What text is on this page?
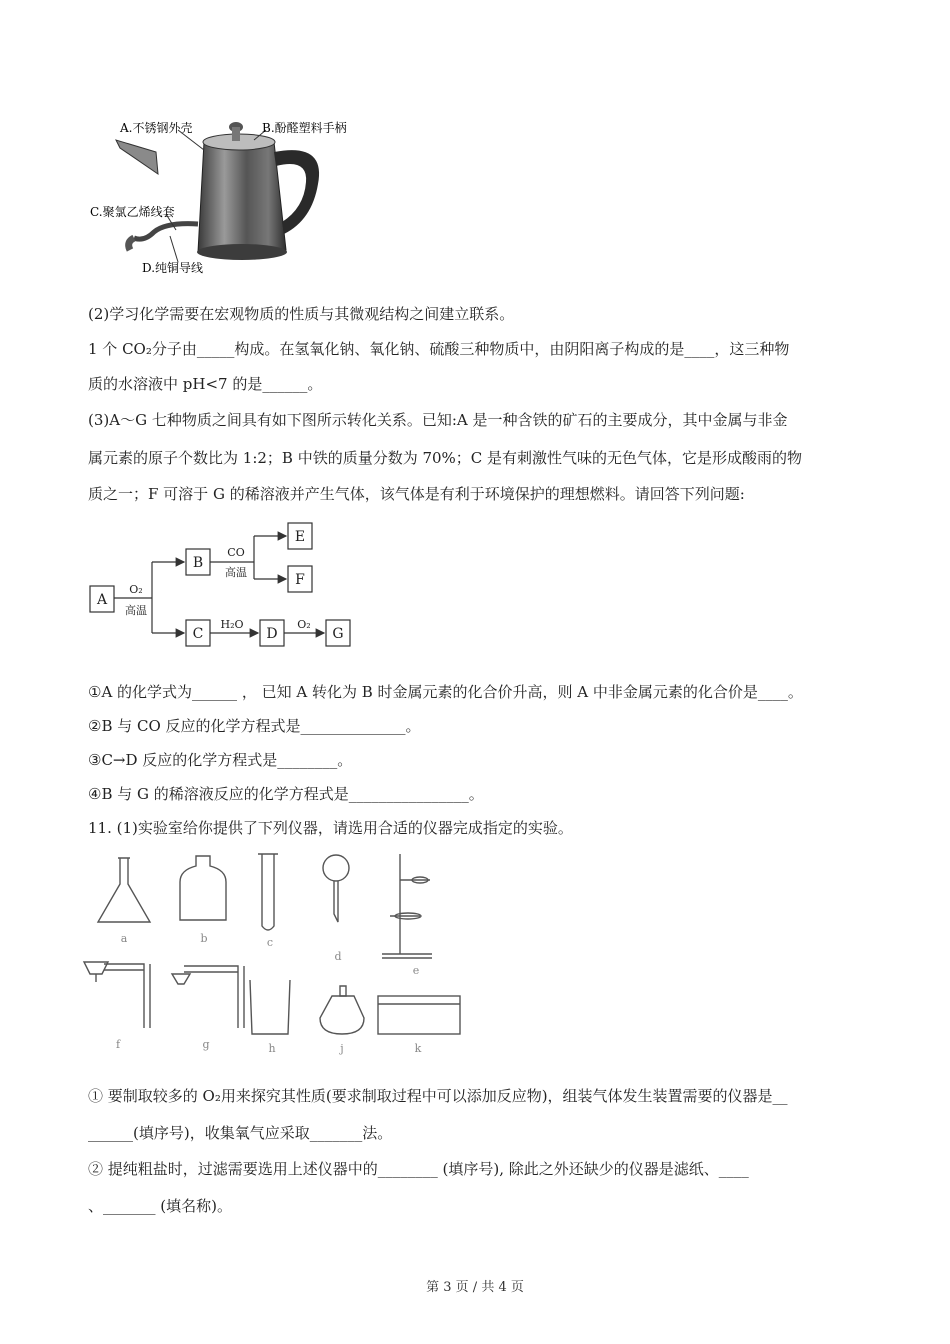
A.不锈钢外壳	B.酚醛塑料手柄
C.聚氯乙烯线套
D.纯铜导线
(2)学习化学需要在宏观物质的性质与其微观结构之间建立联系。
1 个 CO₂分子由_____构成。在氢氧化钠、氧化钠、硫酸三种物质中，由阴阳离子构成的是____，这三种物
质的水溶液中 pH<7 的是______。
(3)A～G 七种物质之间具有如下图所示转化关系。已知:A 是一种含铁的矿石的主要成分，其中金属与非金
属元素的原子个数比为 1:2；B 中铁的质量分数为 70%；C 是有刺激性气味的无色气体，它是形成酸雨的物
质之一；F 可溶于 G 的稀溶液并产生气体，该气体是有利于环境保护的理想燃料。请回答下列问题:
A
B
C	D
E
F
G
O₂
高温
CO
高温
H₂O	O₂
①A 的化学式为______ ， 已知 A 转化为 B 时金属元素的化合价升高，则 A 中非金属元素的化合价是____。
②B 与 CO 反应的化学方程式是______________。
③C→D 反应的化学方程式是________。
④B 与 G 的稀溶液反应的化学方程式是________________。
11. (1)实验室给你提供了下列仪器，请选用合适的仪器完成指定的实验。
a	b	c
d
e
f	g	h	j	k
① 要制取较多的 O₂用来探究其性质(要求制取过程中可以添加反应物)，组装气体发生装置需要的仪器是__
______(填序号)，收集氧气应采取_______法。
② 提纯粗盐时，过滤需要选用上述仪器中的________ (填序号), 除此之外还缺少的仪器是滤纸、____
、_______ (填名称)。
第 3 页 / 共 4 页
